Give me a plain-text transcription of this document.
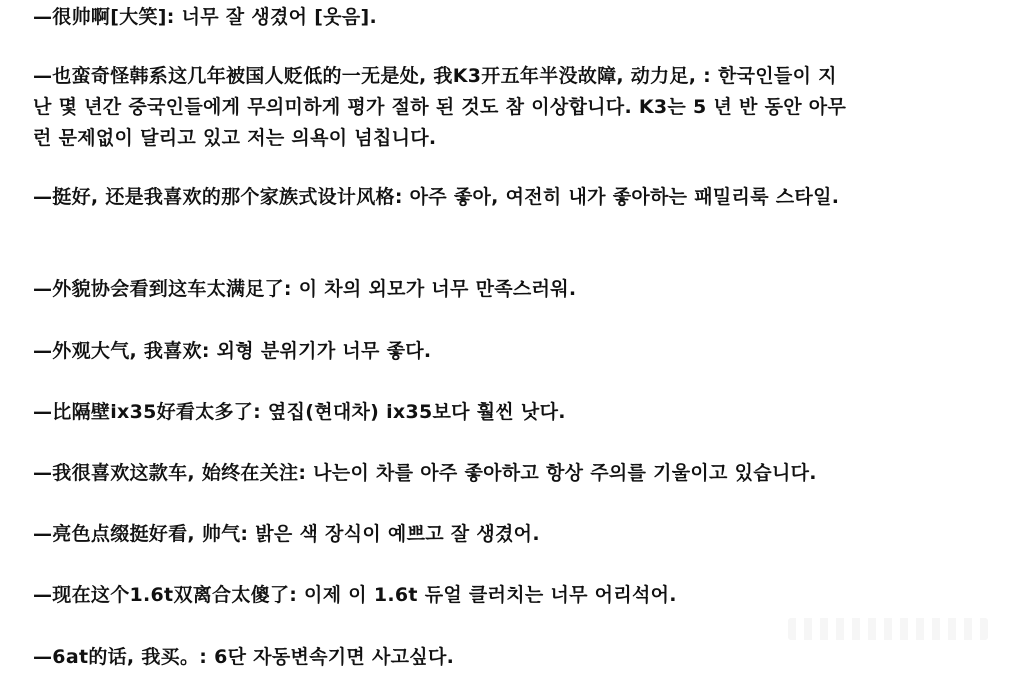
—很帅啊[大笑]: 너무 잘 생겼어 [웃음].

—也蛮奇怪韩系这几年被国人贬低的一无是处, 我K3开五年半没故障, 动力足, : 한국인들이 지난 몇 년간 중국인들에게 무의미하게 평가 절하 된 것도 참 이상합니다. K3는 5 년 반 동안 아무런 문제없이 달리고 있고 저는 의욕이 넘칩니다.

—挺好, 还是我喜欢的那个家族式设计风格: 아주 좋아, 여전히 내가 좋아하는 패밀리룩 스타일.

—外貌协会看到这车太满足了: 이 차의 외모가 너무 만족스러워.

—外观大气, 我喜欢: 외형 분위기가 너무 좋다.

—比隔壁ix35好看太多了: 옆집(현대차) ix35보다 훨씬 낫다.

—我很喜欢这款车, 始终在关注: 나는이 차를 아주 좋아하고 항상 주의를 기울이고 있습니다.

—亮色点缀挺好看, 帅气: 밝은 색 장식이 예쁘고 잘 생겼어.

—现在这个1.6t双离合太傻了: 이제 이 1.6t 듀얼 클러치는 너무 어리석어.

—6at的话, 我买。: 6단 자동변속기면 사고싶다.
